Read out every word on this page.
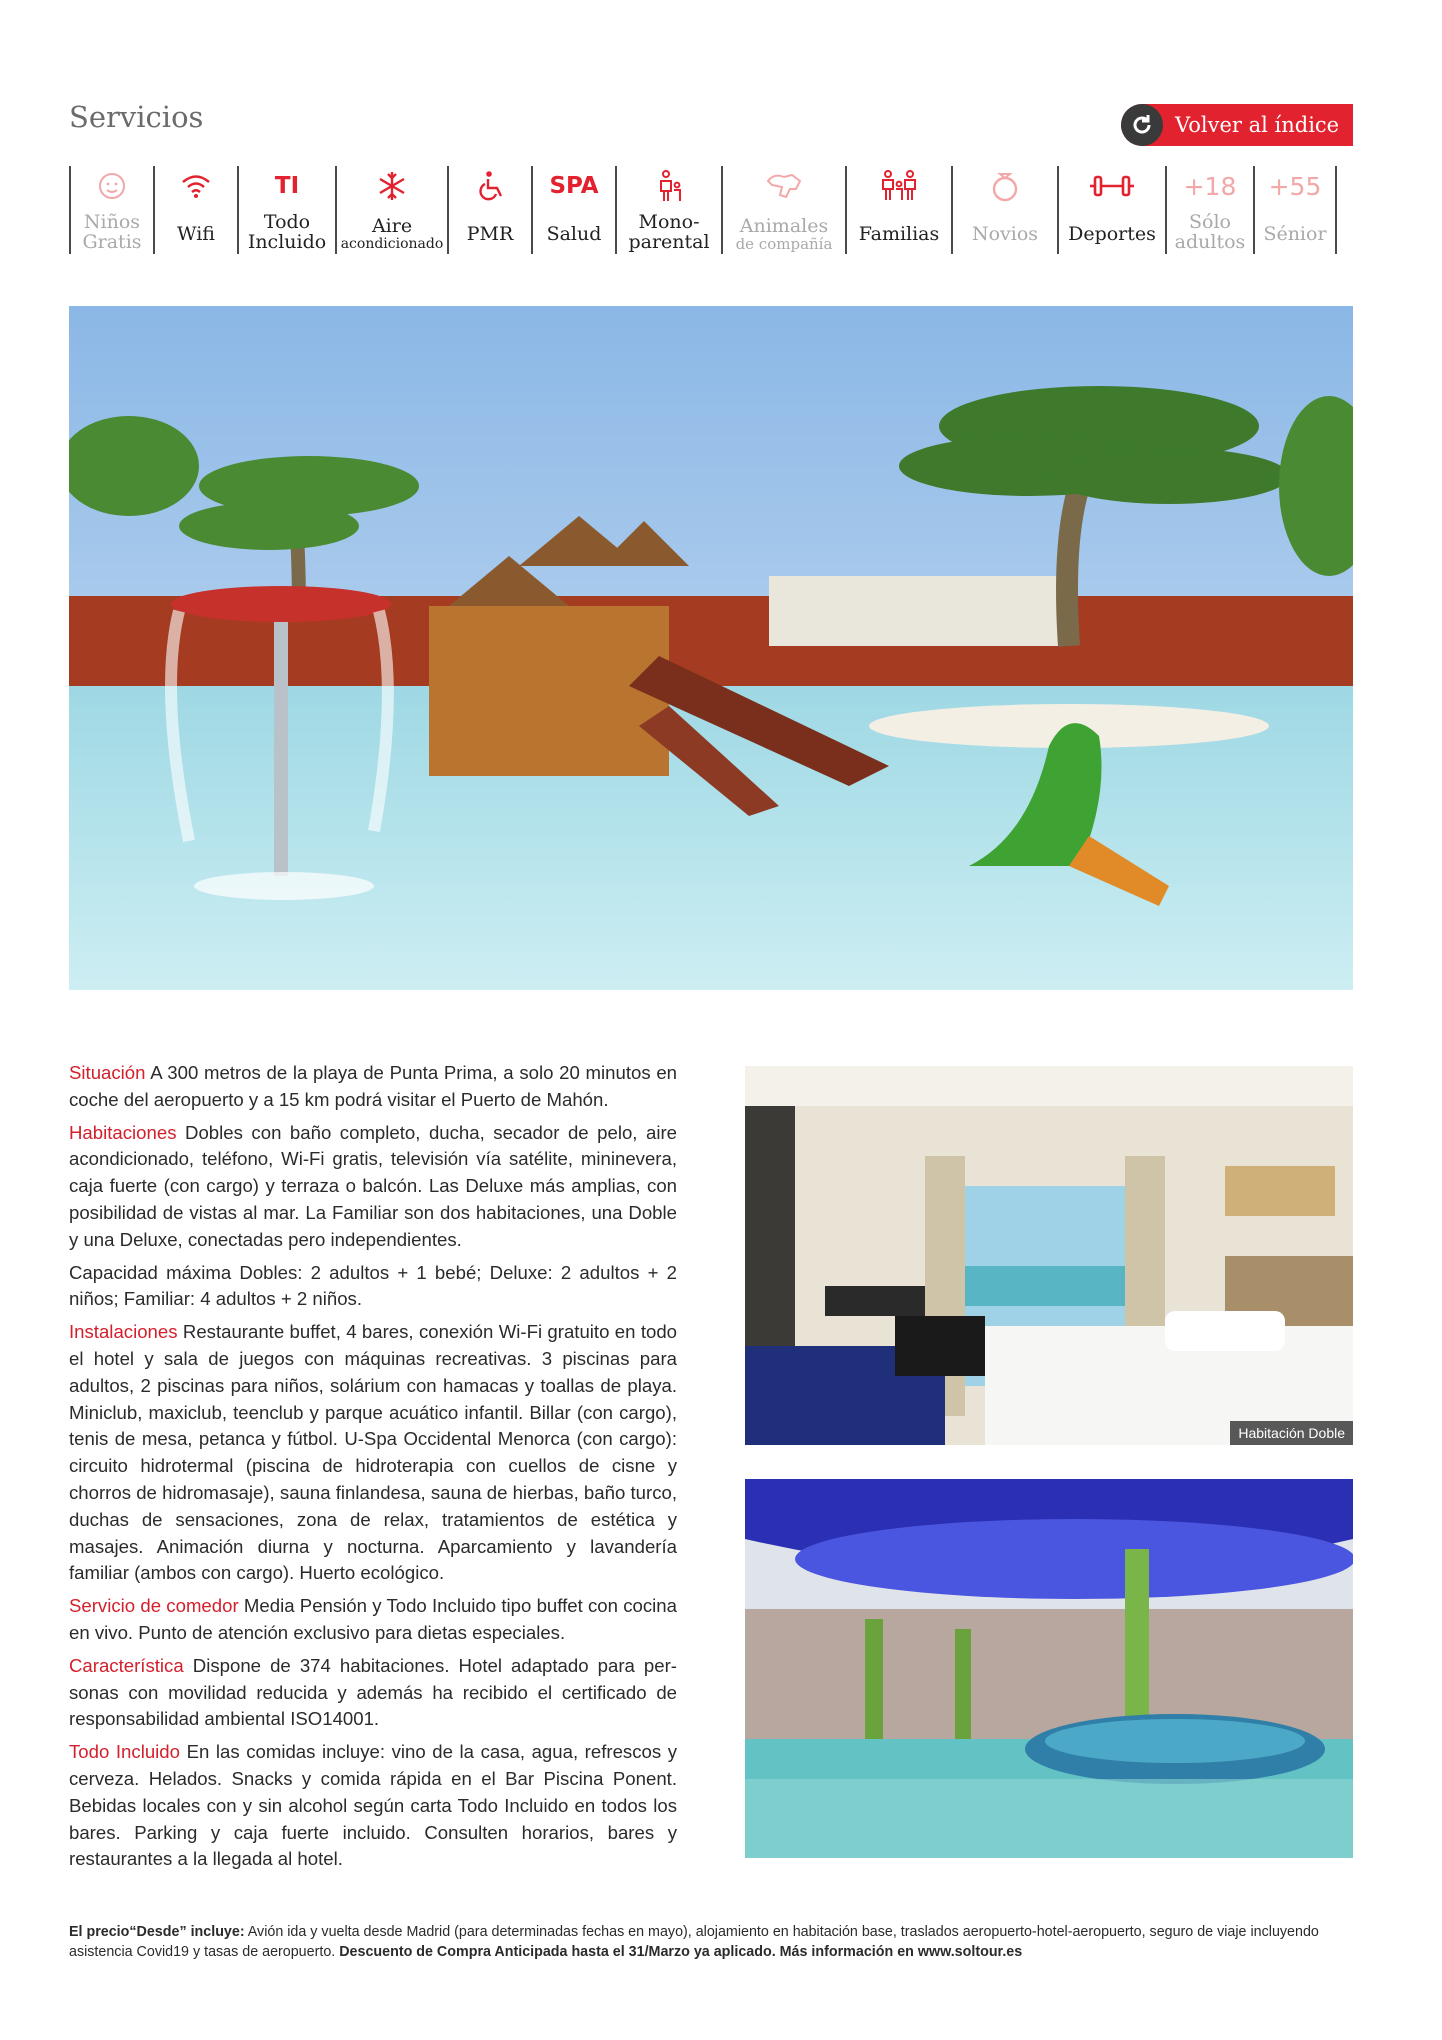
Servicios	Volver al índice
Niños
Gratis Wifi
TI
Todo
Incluido
Aire
acondicionado PMR
SPA
Salud
Mono-
parental
Animales
de compañía Familias Novios Deportes
+18
Sólo
adultos
+55
Sénior

Situación A 300 metros de la playa de Punta Prima, a solo 20 minutos en coche del aeropuerto y a 15 km podrá visitar el Puerto de Mahón.

Habitaciones Dobles con baño completo, ducha, secador de pelo, aire acondicionado, teléfono, Wi-Fi gratis, televisión vía satélite, mininevera, caja fuerte (con cargo) y terraza o balcón. Las Deluxe más amplias, con posibilidad de vistas al mar. La Familiar son dos habitaciones, una Doble y una Deluxe, conectadas pero independientes.

Capacidad máxima Dobles: 2 adultos + 1 bebé; Deluxe: 2 adultos + 2 niños; Familiar: 4 adultos + 2 niños.

Instalaciones Restaurante buffet, 4 bares, conexión Wi-Fi gratuito en todo el hotel y sala de juegos con máquinas recreativas. 3 piscinas para adultos, 2 piscinas para niños, solárium con hamacas y toallas de playa. Miniclub, maxiclub, teenclub y parque acuático infantil. Billar (con cargo), tenis de mesa, petanca y fútbol. U-Spa Occidental Menorca (con cargo): circuito hidrotermal (piscina de hidroterapia con cuellos de cisne y chorros de hidromasaje), sauna finlandesa, sauna de hierbas, baño turco, duchas de sensaciones, zona de relax, tratamientos de estética y masajes. Animación diurna y nocturna. Aparcamiento y lavandería familiar (ambos con cargo). Huerto ecológico.

Servicio de comedor Media Pensión y Todo Incluido tipo buffet con cocina en vivo. Punto de atención exclusivo para dietas especiales.

Característica Dispone de 374 habitaciones. Hotel adaptado para personas con movilidad reducida y además ha recibido el certificado de responsabilidad ambiental ISO14001.

Todo Incluido En las comidas incluye: vino de la casa, agua, refrescos y cerveza. Helados. Snacks y comida rápida en el Bar Piscina Ponent. Bebidas locales con y sin alcohol según carta Todo Incluido en todos los bares. Parking y caja fuerte incluido. Consulten horarios, bares y restaurantes a la llegada al hotel.

Habitación Doble
El precio“Desde” incluye: Avión ida y vuelta desde Madrid (para determinadas fechas en mayo), alojamiento en habitación base, traslados aeropuerto-hotel-aeropuerto, seguro de viaje incluyendo asistencia Covid19 y tasas de aeropuerto. Descuento de Compra Anticipada hasta el 31/Marzo ya aplicado. Más información en www.soltour.es
